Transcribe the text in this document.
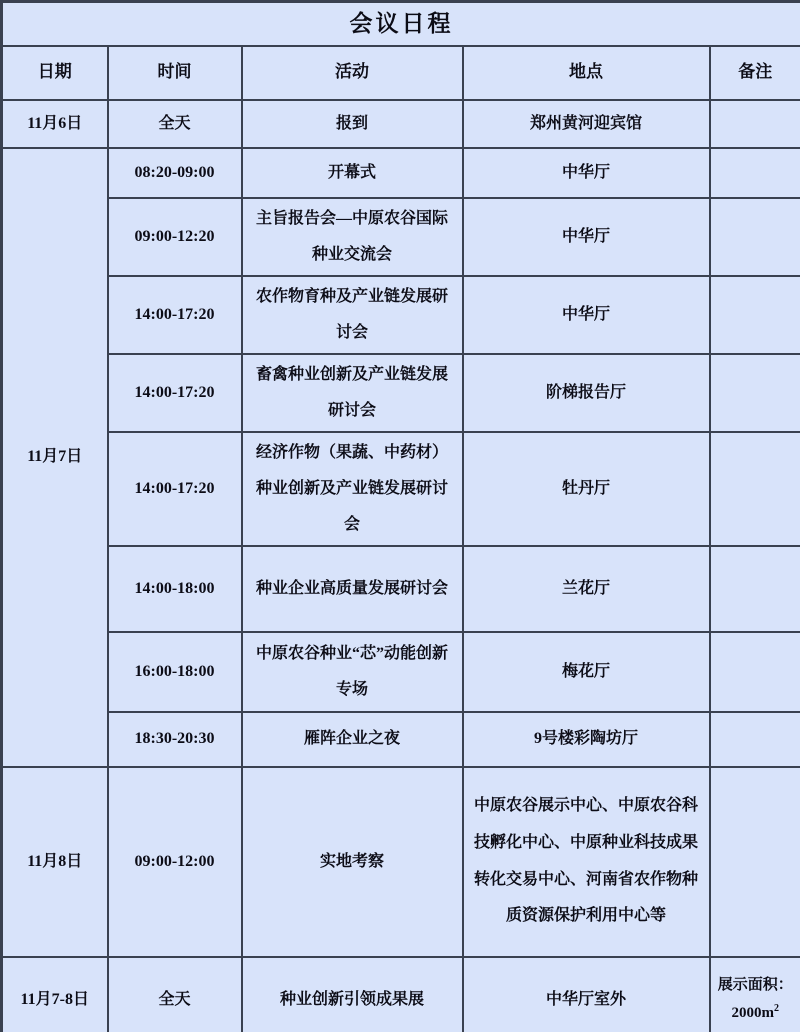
会议日程				
日期	时间	活动	地点	备注
11月6日	全天	报到	郑州黄河迎宾馆	
11月7日	08:20-09:00	开幕式	中华厅	
	09:00-12:20	主旨报告会—中原农谷国际种业交流会	中华厅	
	14:00-17:20	农作物育种及产业链发展研讨会	中华厅	
	14:00-17:20	畜禽种业创新及产业链发展研讨会	阶梯报告厅	
	14:00-17:20	经济作物（果蔬、中药材）种业创新及产业链发展研讨会	牡丹厅	
	14:00-18:00	种业企业高质量发展研讨会	兰花厅	
	16:00-18:00	中原农谷种业“芯”动能创新专场	梅花厅	
	18:30-20:30	雁阵企业之夜	9号楼彩陶坊厅	
11月8日	09:00-12:00	实地考察	中原农谷展示中心、中原农谷科技孵化中心、中原种业科技成果转化交易中心、河南省农作物种质资源保护利用中心等	
11月7-8日	全天	种业创新引领成果展	中华厅室外	展示面积：$2000m^2$
